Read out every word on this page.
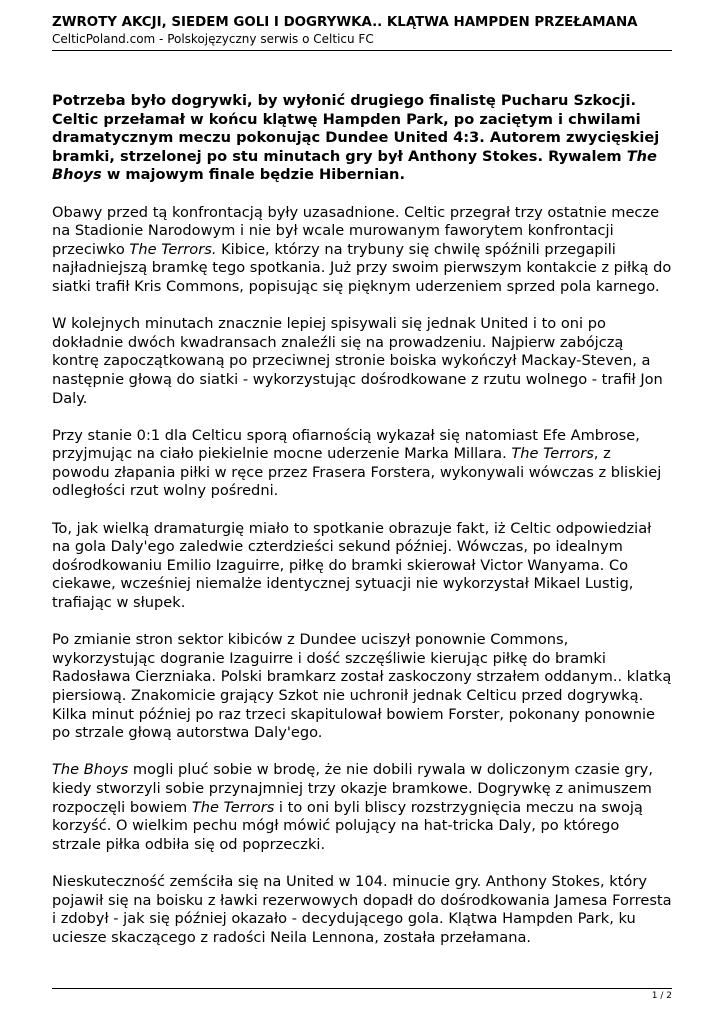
ZWROTY AKCJI, SIEDEM GOLI I DOGRYWKA.. KLĄTWA HAMPDEN PRZEŁAMANA
CelticPoland.com - Polskojęzyczny serwis o Celticu FC

Potrzeba było dogrywki, by wyłonić drugiego finalistę Pucharu Szkocji. Celtic przełamał w końcu klątwę Hampden Park, po zaciętym i chwilami dramatycznym meczu pokonując Dundee United 4:3. Autorem zwycięskiej bramki, strzelonej po stu minutach gry był Anthony Stokes. Rywalem The Bhoys w majowym finale będzie Hibernian.

Obawy przed tą konfrontacją były uzasadnione. Celtic przegrał trzy ostatnie mecze na Stadionie Narodowym i nie był wcale murowanym faworytem konfrontacji przeciwko The Terrors. Kibice, którzy na trybuny się chwilę spóźnili przegapili najładniejszą bramkę tego spotkania. Już przy swoim pierwszym kontakcie z piłką do siatki trafił Kris Commons, popisując się pięknym uderzeniem sprzed pola karnego.

W kolejnych minutach znacznie lepiej spisywali się jednak United i to oni po dokładnie dwóch kwadransach znaleźli się na prowadzeniu. Najpierw zabójczą kontrę zapoczątkowaną po przeciwnej stronie boiska wykończył Mackay-Steven, a następnie głową do siatki - wykorzystując dośrodkowane z rzutu wolnego - trafił Jon Daly.

Przy stanie 0:1 dla Celticu sporą ofiarnością wykazał się natomiast Efe Ambrose, przyjmując na ciało piekielnie mocne uderzenie Marka Millara. The Terrors, z powodu złapania piłki w ręce przez Frasera Forstera, wykonywali wówczas z bliskiej odległości rzut wolny pośredni.

To, jak wielką dramaturgię miało to spotkanie obrazuje fakt, iż Celtic odpowiedział na gola Daly'ego zaledwie czterdzieści sekund później. Wówczas, po idealnym dośrodkowaniu Emilio Izaguirre, piłkę do bramki skierował Victor Wanyama. Co ciekawe, wcześniej niemalże identycznej sytuacji nie wykorzystał Mikael Lustig, trafiając w słupek.

Po zmianie stron sektor kibiców z Dundee uciszył ponownie Commons, wykorzystując dogranie Izaguirre i dość szczęśliwie kierując piłkę do bramki Radosława Cierzniaka. Polski bramkarz został zaskoczony strzałem oddanym.. klatką piersiową. Znakomicie grający Szkot nie uchronił jednak Celticu przed dogrywką. Kilka minut później po raz trzeci skapitulował bowiem Forster, pokonany ponownie po strzale głową autorstwa Daly'ego.

The Bhoys mogli pluć sobie w brodę, że nie dobili rywala w doliczonym czasie gry, kiedy stworzyli sobie przynajmniej trzy okazje bramkowe. Dogrywkę z animuszem rozpoczęli bowiem The Terrors i to oni byli bliscy rozstrzygnięcia meczu na swoją korzyść. O wielkim pechu mógł mówić polujący na hat-tricka Daly, po którego strzale piłka odbiła się od poprzeczki.

Nieskuteczność zemściła się na United w 104. minucie gry. Anthony Stokes, który pojawił się na boisku z ławki rezerwowych dopadł do dośrodkowania Jamesa Forresta i zdobył - jak się później okazało - decydującego gola. Klątwa Hampden Park, ku uciesze skaczącego z radości Neila Lennona, została przełamana.

1 / 2
